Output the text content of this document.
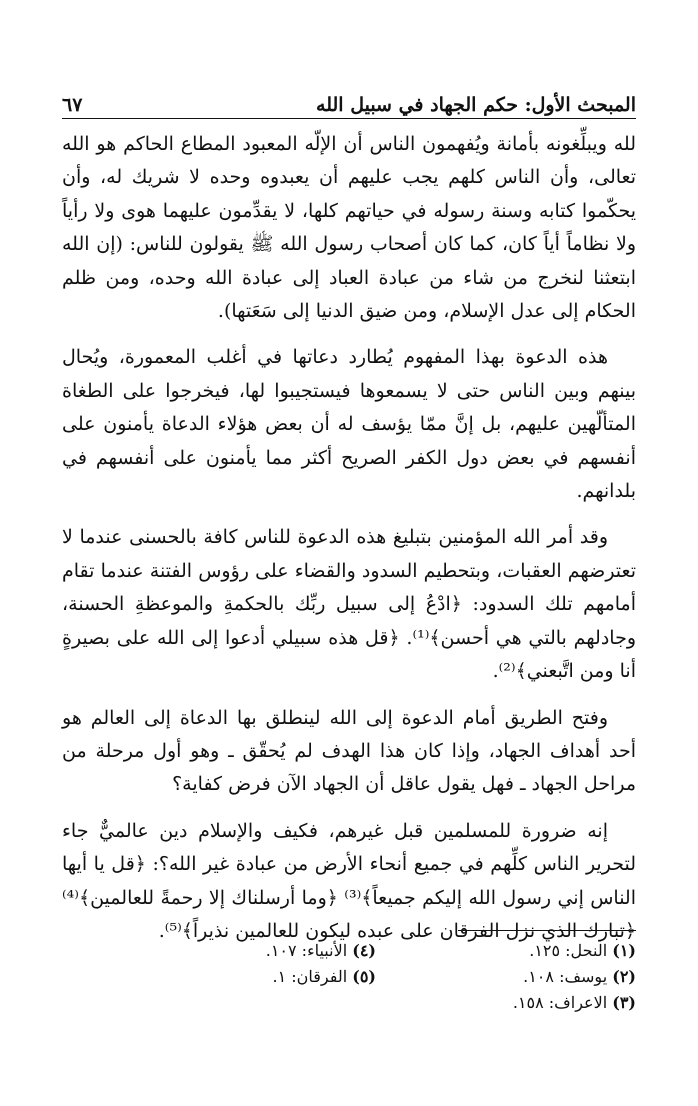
المبحث الأول: حكم الجهاد في سبيل الله
٦٧

لله ويبلِّغونه بأمانة ويُفهمون الناس أن الإلّه المعبود المطاع الحاكم هو الله تعالى، وأن الناس كلهم يجب عليهم أن يعبدوه وحده لا شريك له، وأن يحكّموا كتابه وسنة رسوله في حياتهم كلها، لا يقدِّمون عليهما هوى ولا رأياً ولا نظاماً أياً كان، كما كان أصحاب رسول الله ﷺ يقولون للناس: (إن الله ابتعثنا لنخرج من شاء من عبادة العباد إلى عبادة الله وحده، ومن ظلم الحكام إلى عدل الإسلام، ومن ضيق الدنيا إلى سَعَتها).

هذه الدعوة بهذا المفهوم يُطارد دعاتها في أغلب المعمورة، ويُحال بينهم وبين الناس حتى لا يسمعوها فيستجيبوا لها، فيخرجوا على الطغاة المتألّهين عليهم، بل إنَّ ممّا يؤسف له أن بعض هؤلاء الدعاة يأمنون على أنفسهم في بعض دول الكفر الصريح أكثر مما يأمنون على أنفسهم في بلدانهم.

وقد أمر الله المؤمنين بتبليغ هذه الدعوة للناس كافة بالحسنى عندما لا تعترضهم العقبات، وبتحطيم السدود والقضاء على رؤوس الفتنة عندما تقام أمامهم تلك السدود: ﴿ادْعُ إلى سبيل ربِّك بالحكمةِ والموعظةِ الحسنة، وجادلهم بالتي هي أحسن﴾⁽¹⁾. ﴿قل هذه سبيلي أدعوا إلى الله على بصيرةٍ أنا ومن اتَّبعني﴾⁽²⁾.

وفتح الطريق أمام الدعوة إلى الله لينطلق بها الدعاة إلى العالم هو أحد أهداف الجهاد، وإذا كان هذا الهدف لم يُحقّق ـ وهو أول مرحلة من مراحل الجهاد ـ فهل يقول عاقل أن الجهاد الآن فرض كفاية؟

إنه ضرورة للمسلمين قبل غيرهم، فكيف والإسلام دين عالميٌّ جاء لتحرير الناس كلِّهم في جميع أنحاء الأرض من عبادة غير الله؟: ﴿قل يا أيها الناس إني رسول الله إليكم جميعاً﴾⁽³⁾ ﴿وما أرسلناك إلا رحمةً للعالمين﴾⁽⁴⁾ ﴿تبارك الذي نزل الفرقان على عبده ليكون للعالمين نذيراً﴾⁽⁵⁾.

(١) النحل: ١٢٥.
(٤) الأنبياء: ١٠٧.
(٢) يوسف: ١٠٨.
(٥) الفرقان: ١.
(٣) الاعراف: ١٥٨.
